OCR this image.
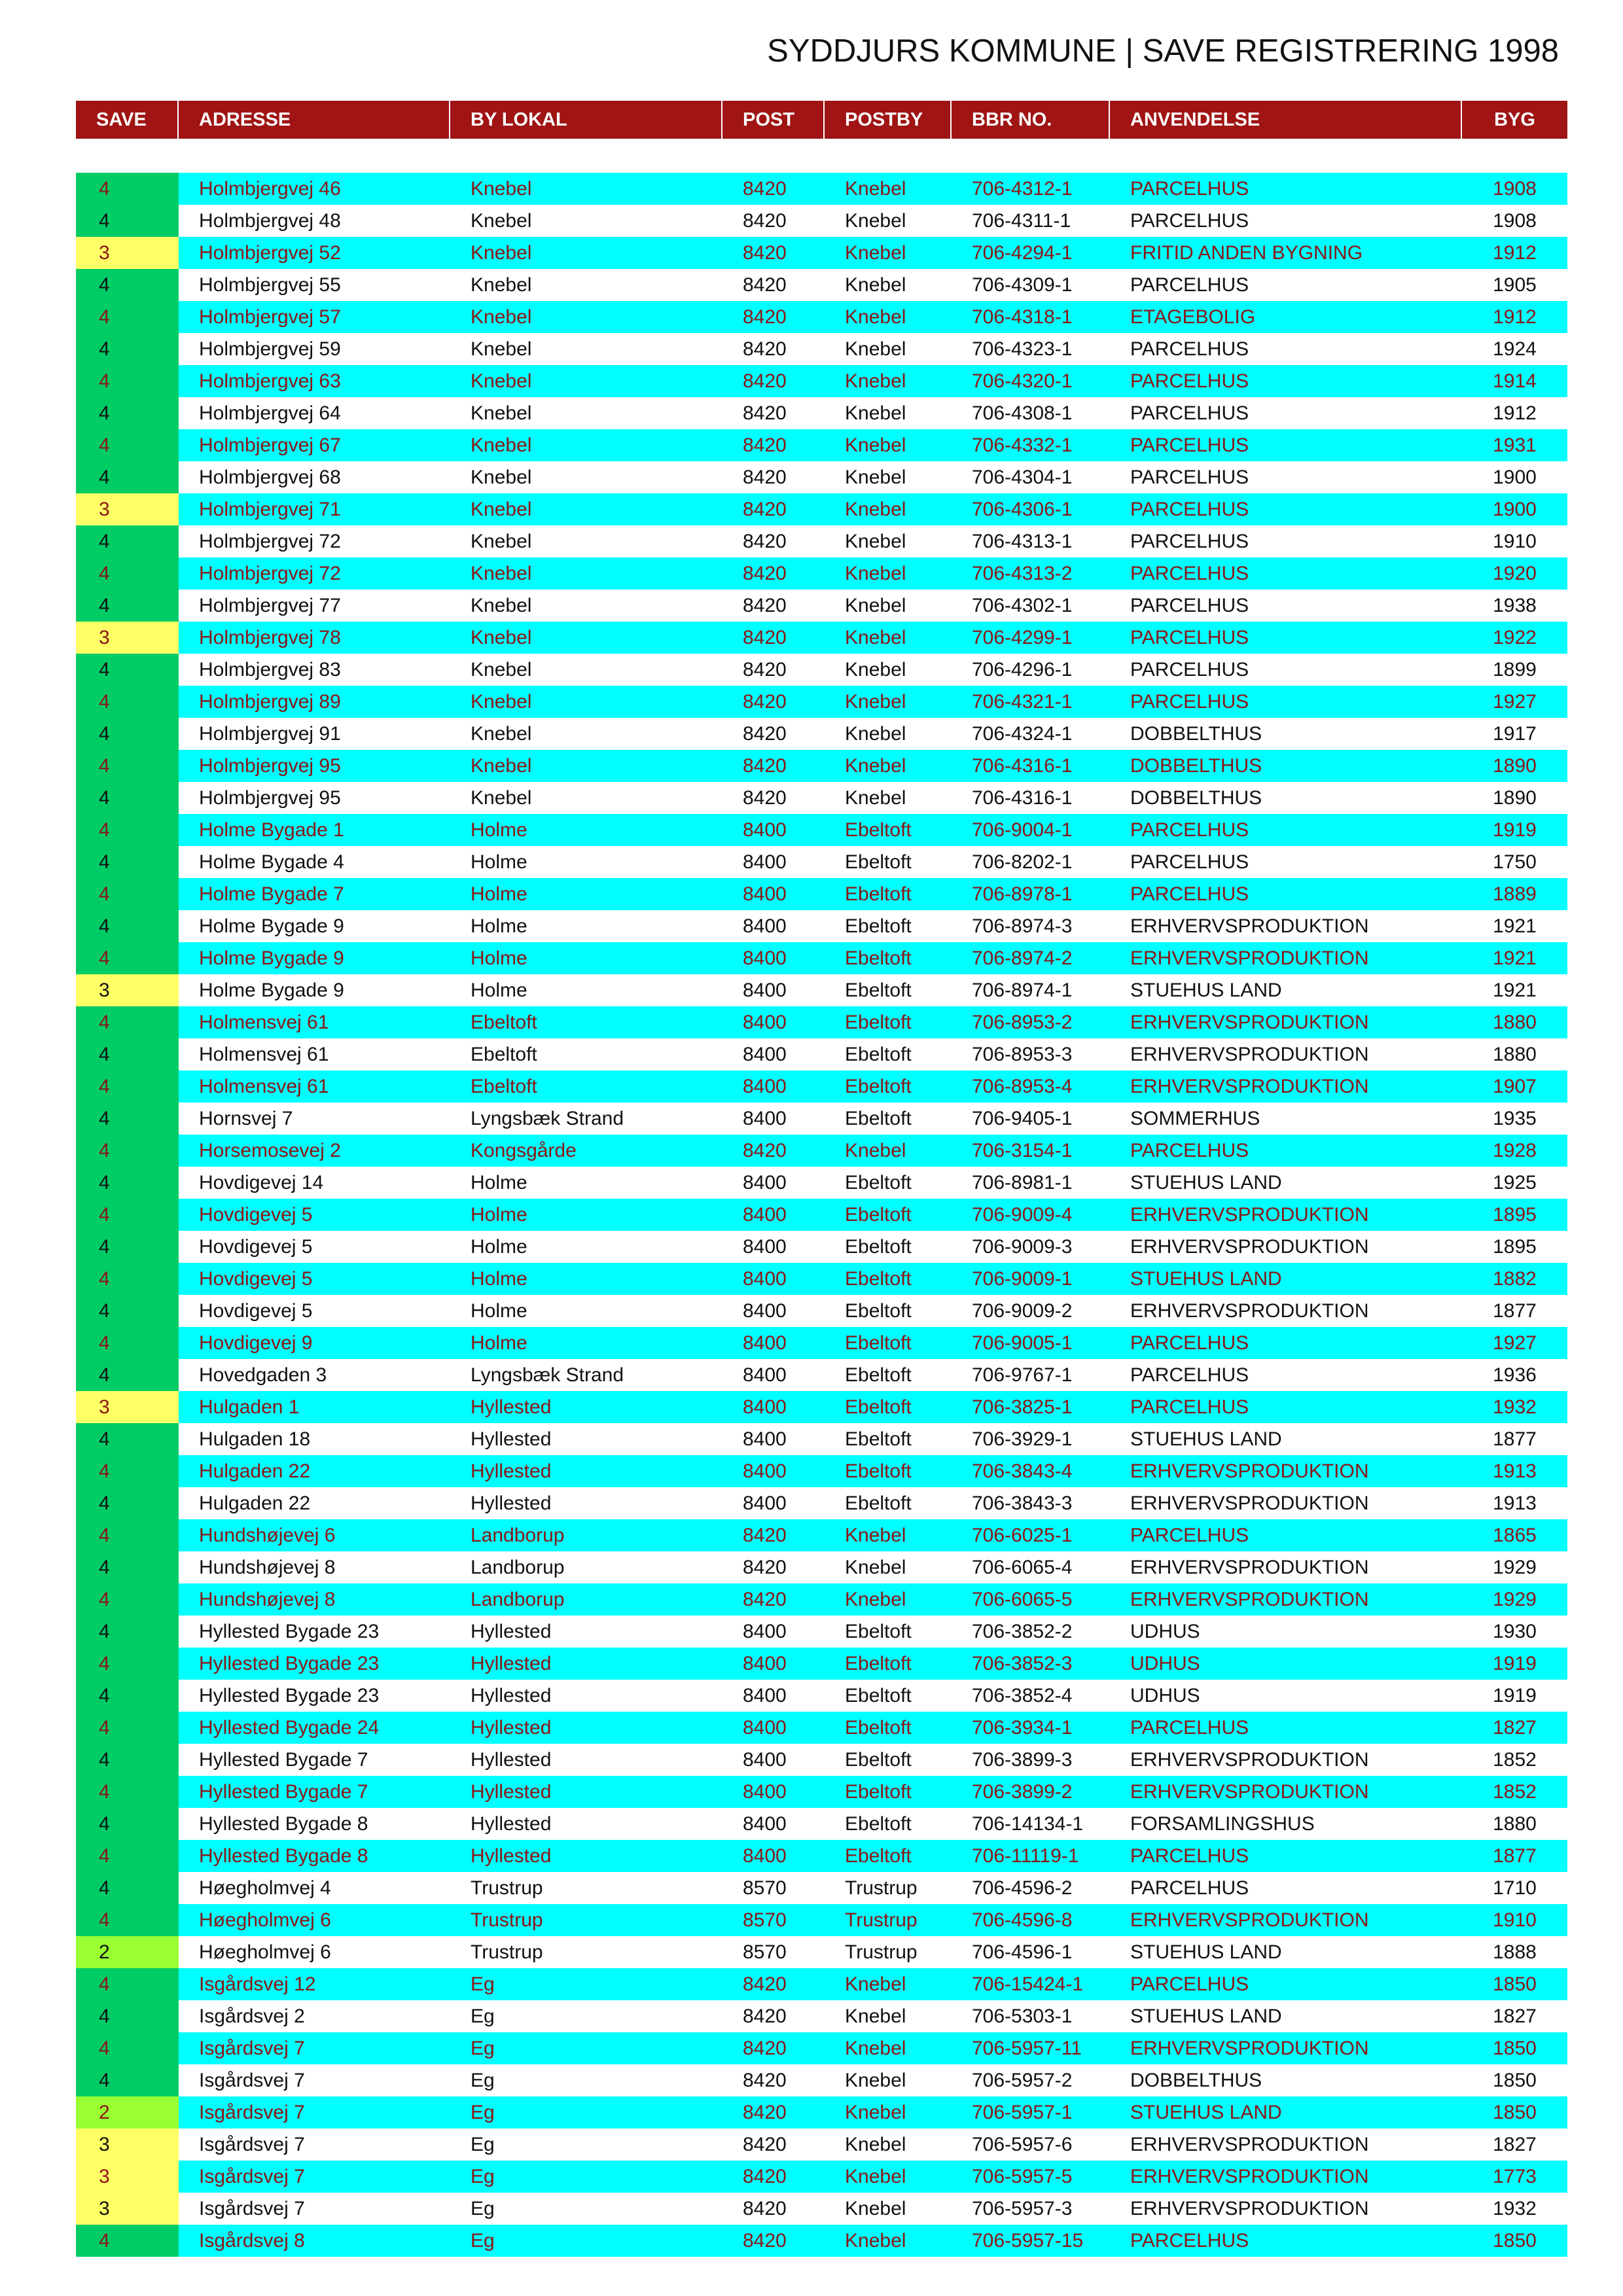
SYDDJURS KOMMUNE | SAVE REGISTRERING 1998
SAVE	ADRESSE	BY LOKAL	POST	POSTBY	BBR NO.	ANVENDELSE	BYG
4	Holmbjergvej 46	Knebel	8420	Knebel	706-4312-1	PARCELHUS	1908
4	Holmbjergvej 48	Knebel	8420	Knebel	706-4311-1	PARCELHUS	1908
3	Holmbjergvej 52	Knebel	8420	Knebel	706-4294-1	FRITID ANDEN BYGNING	1912
4	Holmbjergvej 55	Knebel	8420	Knebel	706-4309-1	PARCELHUS	1905
4	Holmbjergvej 57	Knebel	8420	Knebel	706-4318-1	ETAGEBOLIG	1912
4	Holmbjergvej 59	Knebel	8420	Knebel	706-4323-1	PARCELHUS	1924
4	Holmbjergvej 63	Knebel	8420	Knebel	706-4320-1	PARCELHUS	1914
4	Holmbjergvej 64	Knebel	8420	Knebel	706-4308-1	PARCELHUS	1912
4	Holmbjergvej 67	Knebel	8420	Knebel	706-4332-1	PARCELHUS	1931
4	Holmbjergvej 68	Knebel	8420	Knebel	706-4304-1	PARCELHUS	1900
3	Holmbjergvej 71	Knebel	8420	Knebel	706-4306-1	PARCELHUS	1900
4	Holmbjergvej 72	Knebel	8420	Knebel	706-4313-1	PARCELHUS	1910
4	Holmbjergvej 72	Knebel	8420	Knebel	706-4313-2	PARCELHUS	1920
4	Holmbjergvej 77	Knebel	8420	Knebel	706-4302-1	PARCELHUS	1938
3	Holmbjergvej 78	Knebel	8420	Knebel	706-4299-1	PARCELHUS	1922
4	Holmbjergvej 83	Knebel	8420	Knebel	706-4296-1	PARCELHUS	1899
4	Holmbjergvej 89	Knebel	8420	Knebel	706-4321-1	PARCELHUS	1927
4	Holmbjergvej 91	Knebel	8420	Knebel	706-4324-1	DOBBELTHUS	1917
4	Holmbjergvej 95	Knebel	8420	Knebel	706-4316-1	DOBBELTHUS	1890
4	Holmbjergvej 95	Knebel	8420	Knebel	706-4316-1	DOBBELTHUS	1890
4	Holme Bygade 1	Holme	8400	Ebeltoft	706-9004-1	PARCELHUS	1919
4	Holme Bygade 4	Holme	8400	Ebeltoft	706-8202-1	PARCELHUS	1750
4	Holme Bygade 7	Holme	8400	Ebeltoft	706-8978-1	PARCELHUS	1889
4	Holme Bygade 9	Holme	8400	Ebeltoft	706-8974-3	ERHVERVSPRODUKTION	1921
4	Holme Bygade 9	Holme	8400	Ebeltoft	706-8974-2	ERHVERVSPRODUKTION	1921
3	Holme Bygade 9	Holme	8400	Ebeltoft	706-8974-1	STUEHUS LAND	1921
4	Holmensvej 61	Ebeltoft	8400	Ebeltoft	706-8953-2	ERHVERVSPRODUKTION	1880
4	Holmensvej 61	Ebeltoft	8400	Ebeltoft	706-8953-3	ERHVERVSPRODUKTION	1880
4	Holmensvej 61	Ebeltoft	8400	Ebeltoft	706-8953-4	ERHVERVSPRODUKTION	1907
4	Hornsvej 7	Lyngsbæk Strand	8400	Ebeltoft	706-9405-1	SOMMERHUS	1935
4	Horsemosevej 2	Kongsgårde	8420	Knebel	706-3154-1	PARCELHUS	1928
4	Hovdigevej 14	Holme	8400	Ebeltoft	706-8981-1	STUEHUS LAND	1925
4	Hovdigevej 5	Holme	8400	Ebeltoft	706-9009-4	ERHVERVSPRODUKTION	1895
4	Hovdigevej 5	Holme	8400	Ebeltoft	706-9009-3	ERHVERVSPRODUKTION	1895
4	Hovdigevej 5	Holme	8400	Ebeltoft	706-9009-1	STUEHUS LAND	1882
4	Hovdigevej 5	Holme	8400	Ebeltoft	706-9009-2	ERHVERVSPRODUKTION	1877
4	Hovdigevej 9	Holme	8400	Ebeltoft	706-9005-1	PARCELHUS	1927
4	Hovedgaden 3	Lyngsbæk Strand	8400	Ebeltoft	706-9767-1	PARCELHUS	1936
3	Hulgaden 1	Hyllested	8400	Ebeltoft	706-3825-1	PARCELHUS	1932
4	Hulgaden 18	Hyllested	8400	Ebeltoft	706-3929-1	STUEHUS LAND	1877
4	Hulgaden 22	Hyllested	8400	Ebeltoft	706-3843-4	ERHVERVSPRODUKTION	1913
4	Hulgaden 22	Hyllested	8400	Ebeltoft	706-3843-3	ERHVERVSPRODUKTION	1913
4	Hundshøjevej 6	Landborup	8420	Knebel	706-6025-1	PARCELHUS	1865
4	Hundshøjevej 8	Landborup	8420	Knebel	706-6065-4	ERHVERVSPRODUKTION	1929
4	Hundshøjevej 8	Landborup	8420	Knebel	706-6065-5	ERHVERVSPRODUKTION	1929
4	Hyllested Bygade 23	Hyllested	8400	Ebeltoft	706-3852-2	UDHUS	1930
4	Hyllested Bygade 23	Hyllested	8400	Ebeltoft	706-3852-3	UDHUS	1919
4	Hyllested Bygade 23	Hyllested	8400	Ebeltoft	706-3852-4	UDHUS	1919
4	Hyllested Bygade 24	Hyllested	8400	Ebeltoft	706-3934-1	PARCELHUS	1827
4	Hyllested Bygade 7	Hyllested	8400	Ebeltoft	706-3899-3	ERHVERVSPRODUKTION	1852
4	Hyllested Bygade 7	Hyllested	8400	Ebeltoft	706-3899-2	ERHVERVSPRODUKTION	1852
4	Hyllested Bygade 8	Hyllested	8400	Ebeltoft	706-14134-1	FORSAMLINGSHUS	1880
4	Hyllested Bygade 8	Hyllested	8400	Ebeltoft	706-11119-1	PARCELHUS	1877
4	Høegholmvej 4	Trustrup	8570	Trustrup	706-4596-2	PARCELHUS	1710
4	Høegholmvej 6	Trustrup	8570	Trustrup	706-4596-8	ERHVERVSPRODUKTION	1910
2	Høegholmvej 6	Trustrup	8570	Trustrup	706-4596-1	STUEHUS LAND	1888
4	Isgårdsvej 12	Eg	8420	Knebel	706-15424-1	PARCELHUS	1850
4	Isgårdsvej 2	Eg	8420	Knebel	706-5303-1	STUEHUS LAND	1827
4	Isgårdsvej 7	Eg	8420	Knebel	706-5957-11	ERHVERVSPRODUKTION	1850
4	Isgårdsvej 7	Eg	8420	Knebel	706-5957-2	DOBBELTHUS	1850
2	Isgårdsvej 7	Eg	8420	Knebel	706-5957-1	STUEHUS LAND	1850
3	Isgårdsvej 7	Eg	8420	Knebel	706-5957-6	ERHVERVSPRODUKTION	1827
3	Isgårdsvej 7	Eg	8420	Knebel	706-5957-5	ERHVERVSPRODUKTION	1773
3	Isgårdsvej 7	Eg	8420	Knebel	706-5957-3	ERHVERVSPRODUKTION	1932
4	Isgårdsvej 8	Eg	8420	Knebel	706-5957-15	PARCELHUS	1850
